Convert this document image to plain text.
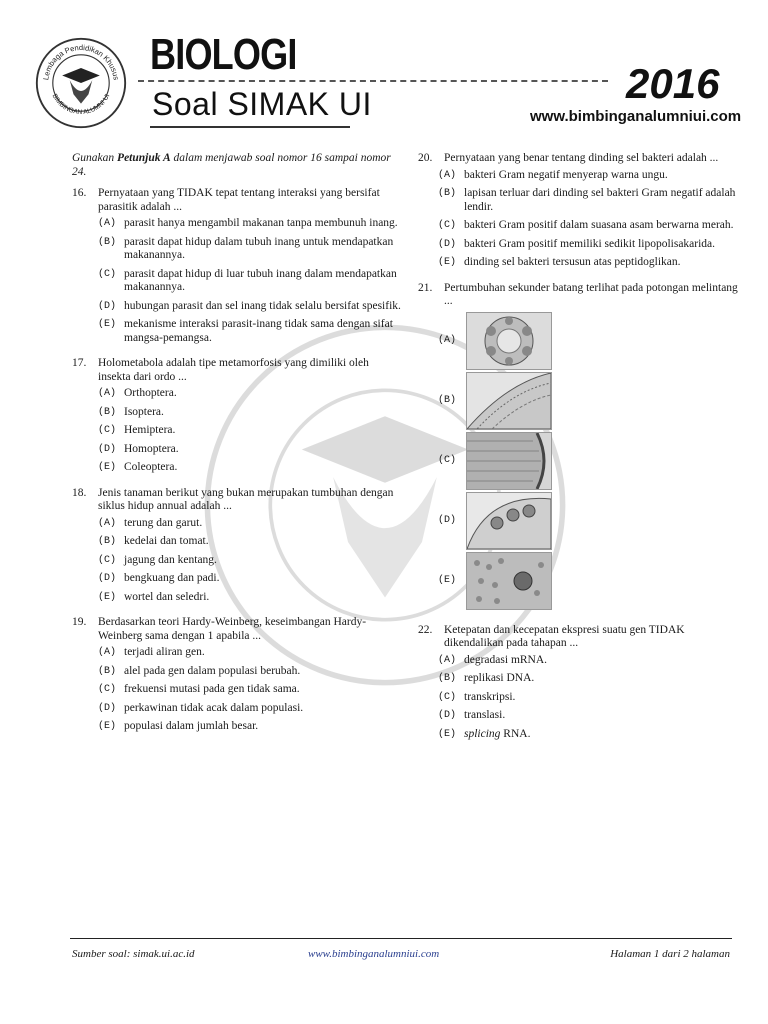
Lembaga Pendidikan Khusus
BIMBINGAN ALUMNI UI
BIOLOGI
Soal SIMAK UI	2016
www.bimbinganalumniui.com
Gunakan Petunjuk A dalam menjawab soal nomor 16 sampai nomor 24.
16.	Pernyataan yang TIDAK tepat tentang interaksi yang bersifat parasitik adalah ...
(A) parasit hanya mengambil makanan tanpa membunuh inang.
(B) parasit dapat hidup dalam tubuh inang untuk mendapatkan makanannya.
(C) parasit dapat hidup di luar tubuh inang dalam mendapatkan makanannya.
(D) hubungan parasit dan sel inang tidak selalu bersifat spesifik.
(E) mekanisme interaksi parasit-inang tidak sama dengan sifat mangsa-pemangsa.
17.	Holometabola adalah tipe metamorfosis yang dimiliki oleh insekta dari ordo ...
(A) Orthoptera.
(B) Isoptera.
(C) Hemiptera.
(D) Homoptera.
(E) Coleoptera.
18.	Jenis tanaman berikut yang bukan merupakan tumbuhan dengan siklus hidup annual adalah ...
(A) terung dan garut.
(B) kedelai dan tomat.
(C) jagung dan kentang.
(D) bengkuang dan padi.
(E) wortel dan seledri.
19.	Berdasarkan teori Hardy-Weinberg, keseimbangan Hardy-Weinberg sama dengan 1 apabila ...
(A) terjadi aliran gen.
(B) alel pada gen dalam populasi berubah.
(C) frekuensi mutasi pada gen tidak sama.
(D) perkawinan tidak acak dalam populasi.
(E) populasi dalam jumlah besar.
20.	Pernyataan yang benar tentang dinding sel bakteri adalah ...
(A) bakteri Gram negatif menyerap warna ungu.
(B) lapisan terluar dari dinding sel bakteri Gram negatif adalah lendir.
(C) bakteri Gram positif dalam suasana asam berwarna merah.
(D) bakteri Gram positif memiliki sedikit lipopolisakarida.
(E) dinding sel bakteri tersusun atas peptidoglikan.
21.	Pertumbuhan sekunder batang terlihat pada potongan melintang ...
(A)
(B)
(C)
(D)
(E)
22.	Ketepatan dan kecepatan ekspresi suatu gen TIDAK dikendalikan pada tahapan ...
(A) degradasi mRNA.
(B) replikasi DNA.
(C) transkripsi.
(D) translasi.
(E) splicing RNA.
Sumber soal: simak.ui.ac.id	www.bimbinganalumniui.com	Halaman 1 dari 2 halaman
